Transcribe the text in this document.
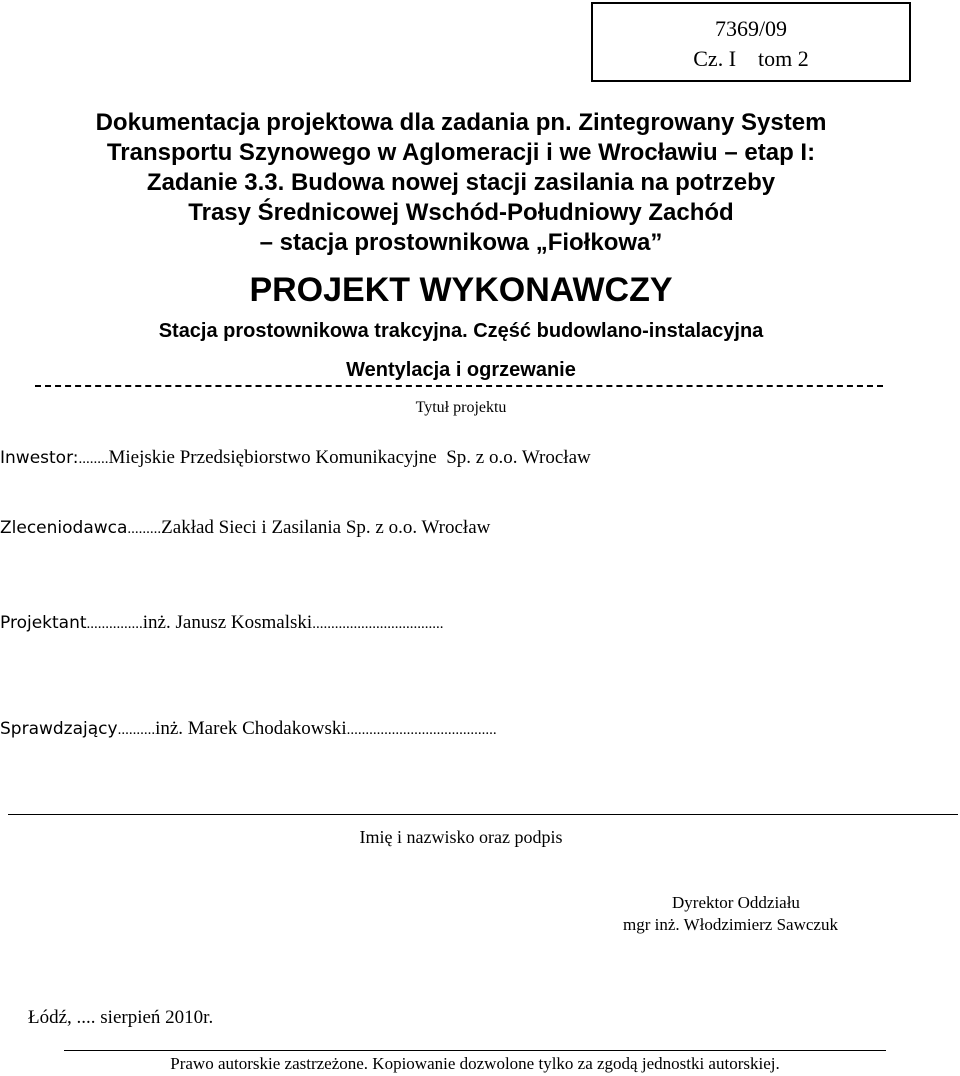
7369/09
Cz. I    tom 2
Dokumentacja projektowa dla zadania pn. Zintegrowany System
Transportu Szynowego w Aglomeracji i we Wrocławiu – etap I:
Zadanie 3.3. Budowa nowej stacji zasilania na potrzeby
Trasy Średnicowej Wschód-Południowy Zachód
– stacja prostownikowa „Fiołkowa”
PROJEKT WYKONAWCZY
Stacja prostownikowa trakcyjna. Część budowlano-instalacyjna
Wentylacja i ogrzewanie
Tytuł projektu
Inwestor: ........ Miejskie Przedsiębiorstwo Komunikacyjne  Sp. z o.o. Wrocław
Zleceniodawca ......... Zakład Sieci i Zasilania Sp. z o.o. Wrocław
Projektant ............... inż. Janusz Kosmalski ...................................
Sprawdzający .......... inż. Marek Chodakowski ........................................
Imię i nazwisko oraz podpis
Dyrektor Oddziału
mgr inż. Włodzimierz Sawczuk
Łódź, .... sierpień 2010r.
Prawo autorskie zastrzeżone. Kopiowanie dozwolone tylko za zgodą jednostki autorskiej.
